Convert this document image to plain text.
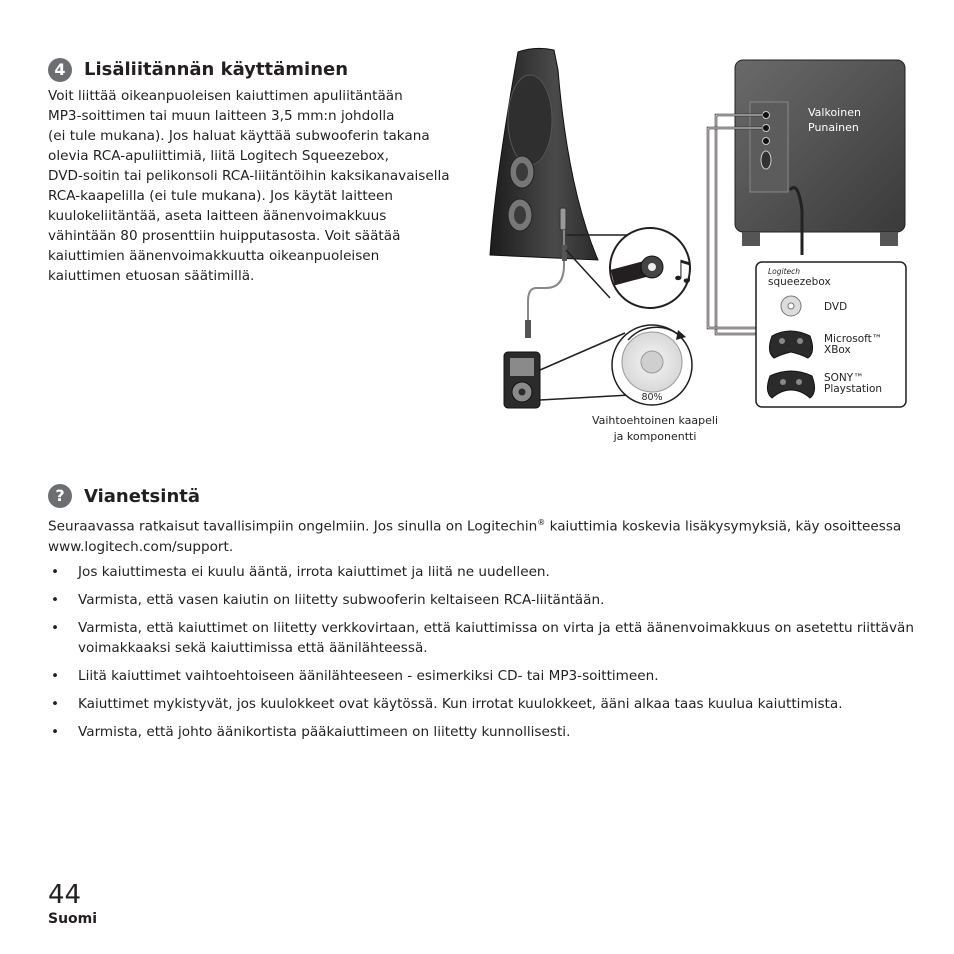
4	Lisäliitännän käyttäminen
Voit liittää oikeanpuoleisen kaiuttimen apuliitäntään
MP3-soittimen tai muun laitteen 3,5 mm:n johdolla
(ei tule mukana). Jos haluat käyttää subwooferin takana
olevia RCA-apuliittimiä, liitä Logitech Squeezebox,
DVD-soitin tai pelikonsoli RCA-liitäntöihin kaksikanavaisella
RCA-kaapelilla (ei tule mukana). Jos käytät laitteen
kuulokeliitäntää, aseta laitteen äänenvoimakkuus
vähintään 80 prosenttiin huipputasosta. Voit säätää
kaiuttimien äänenvoimakkuutta oikeanpuoleisen
kaiuttimen etuosan säätimillä.	♫
80%
Valkoinen
Punainen
Logitech
squeezebox
DVD
Microsoft™
XBox
SONY™
Playstation
Vaihtoehtoinen kaapeli
ja komponentti
?	Vianetsintä
Seuraavassa ratkaisut tavallisimpiin ongelmiin. Jos sinulla on Logitechin® kaiuttimia koskevia lisäkysymyksiä, käy osoitteessa www.logitech.com/support.
• Jos kaiuttimesta ei kuulu ääntä, irrota kaiuttimet ja liitä ne uudelleen.
• Varmista, että vasen kaiutin on liitetty subwooferin keltaiseen RCA-liitäntään.
• Varmista, että kaiuttimet on liitetty verkkovirtaan, että kaiuttimissa on virta ja että äänenvoimakkuus on asetettu riittävän voimakkaaksi sekä kaiuttimissa että äänilähteessä.
• Liitä kaiuttimet vaihtoehtoiseen äänilähteeseen - esimerkiksi CD- tai MP3-soittimeen.
• Kaiuttimet mykistyvät, jos kuulokkeet ovat käytössä. Kun irrotat kuulokkeet, ääni alkaa taas kuulua kaiuttimista.
• Varmista, että johto äänikortista pääkaiuttimeen on liitetty kunnollisesti.
44
Suomi
